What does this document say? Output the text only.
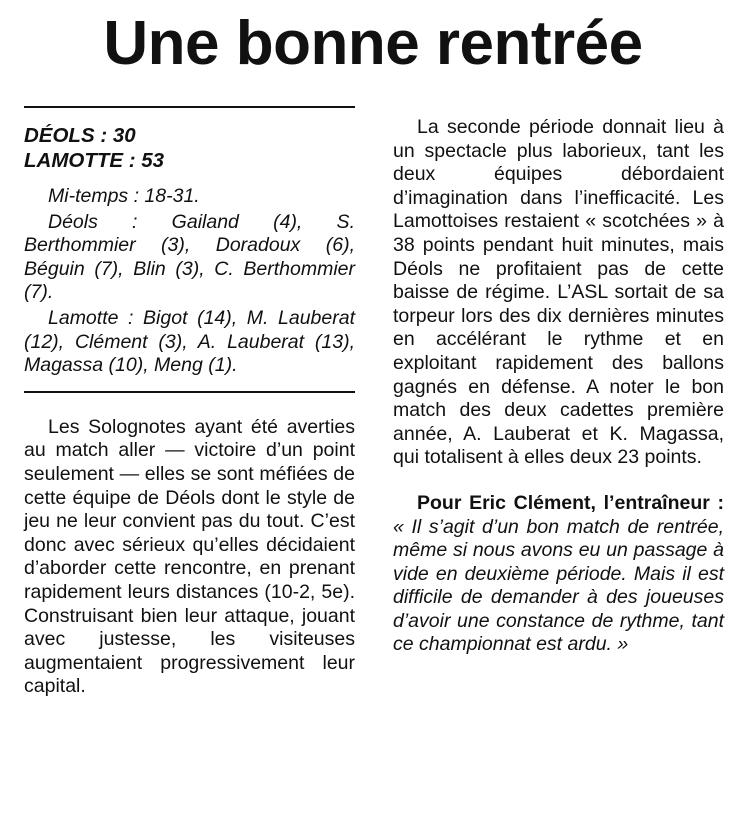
Une bonne rentrée

DÉOLS : 30

LAMOTTE : 53

Mi-temps : 18-31.

Déols : Gailand (4), S. Berthommier (3), Doradoux (6), Béguin (7), Blin (3), C. Berthommier (7).

Lamotte : Bigot (14), M. Lauberat (12), Clément (3), A. Lauberat (13), Magassa (10), Meng (1).

Les Solognotes ayant été averties au match aller — victoire d’un point seulement — elles se sont méfiées de cette équipe de Déols dont le style de jeu ne leur convient pas du tout. C’est donc avec sérieux qu’elles décidaient d’aborder cette rencontre, en prenant rapidement leurs distances (10-2, 5e). Construisant bien leur attaque, jouant avec justesse, les visiteuses augmentaient progressivement leur capital.

La seconde période donnait lieu à un spectacle plus laborieux, tant les deux équipes débordaient d’imagination dans l’inefficacité. Les Lamottoises restaient « scotchées » à 38 points pendant huit minutes, mais Déols ne profitaient pas de cette baisse de régime. L’ASL sortait de sa torpeur lors des dix dernières minutes en accélérant le rythme et en exploitant rapidement des ballons gagnés en défense. A noter le bon match des deux cadettes première année, A. Lauberat et K. Magassa, qui totalisent à elles deux 23 points.

Pour Eric Clément, l’entraîneur : « Il s’agit d’un bon match de rentrée, même si nous avons eu un passage à vide en deuxième période. Mais il est difficile de demander à des joueuses d’avoir une constance de rythme, tant ce championnat est ardu. »
